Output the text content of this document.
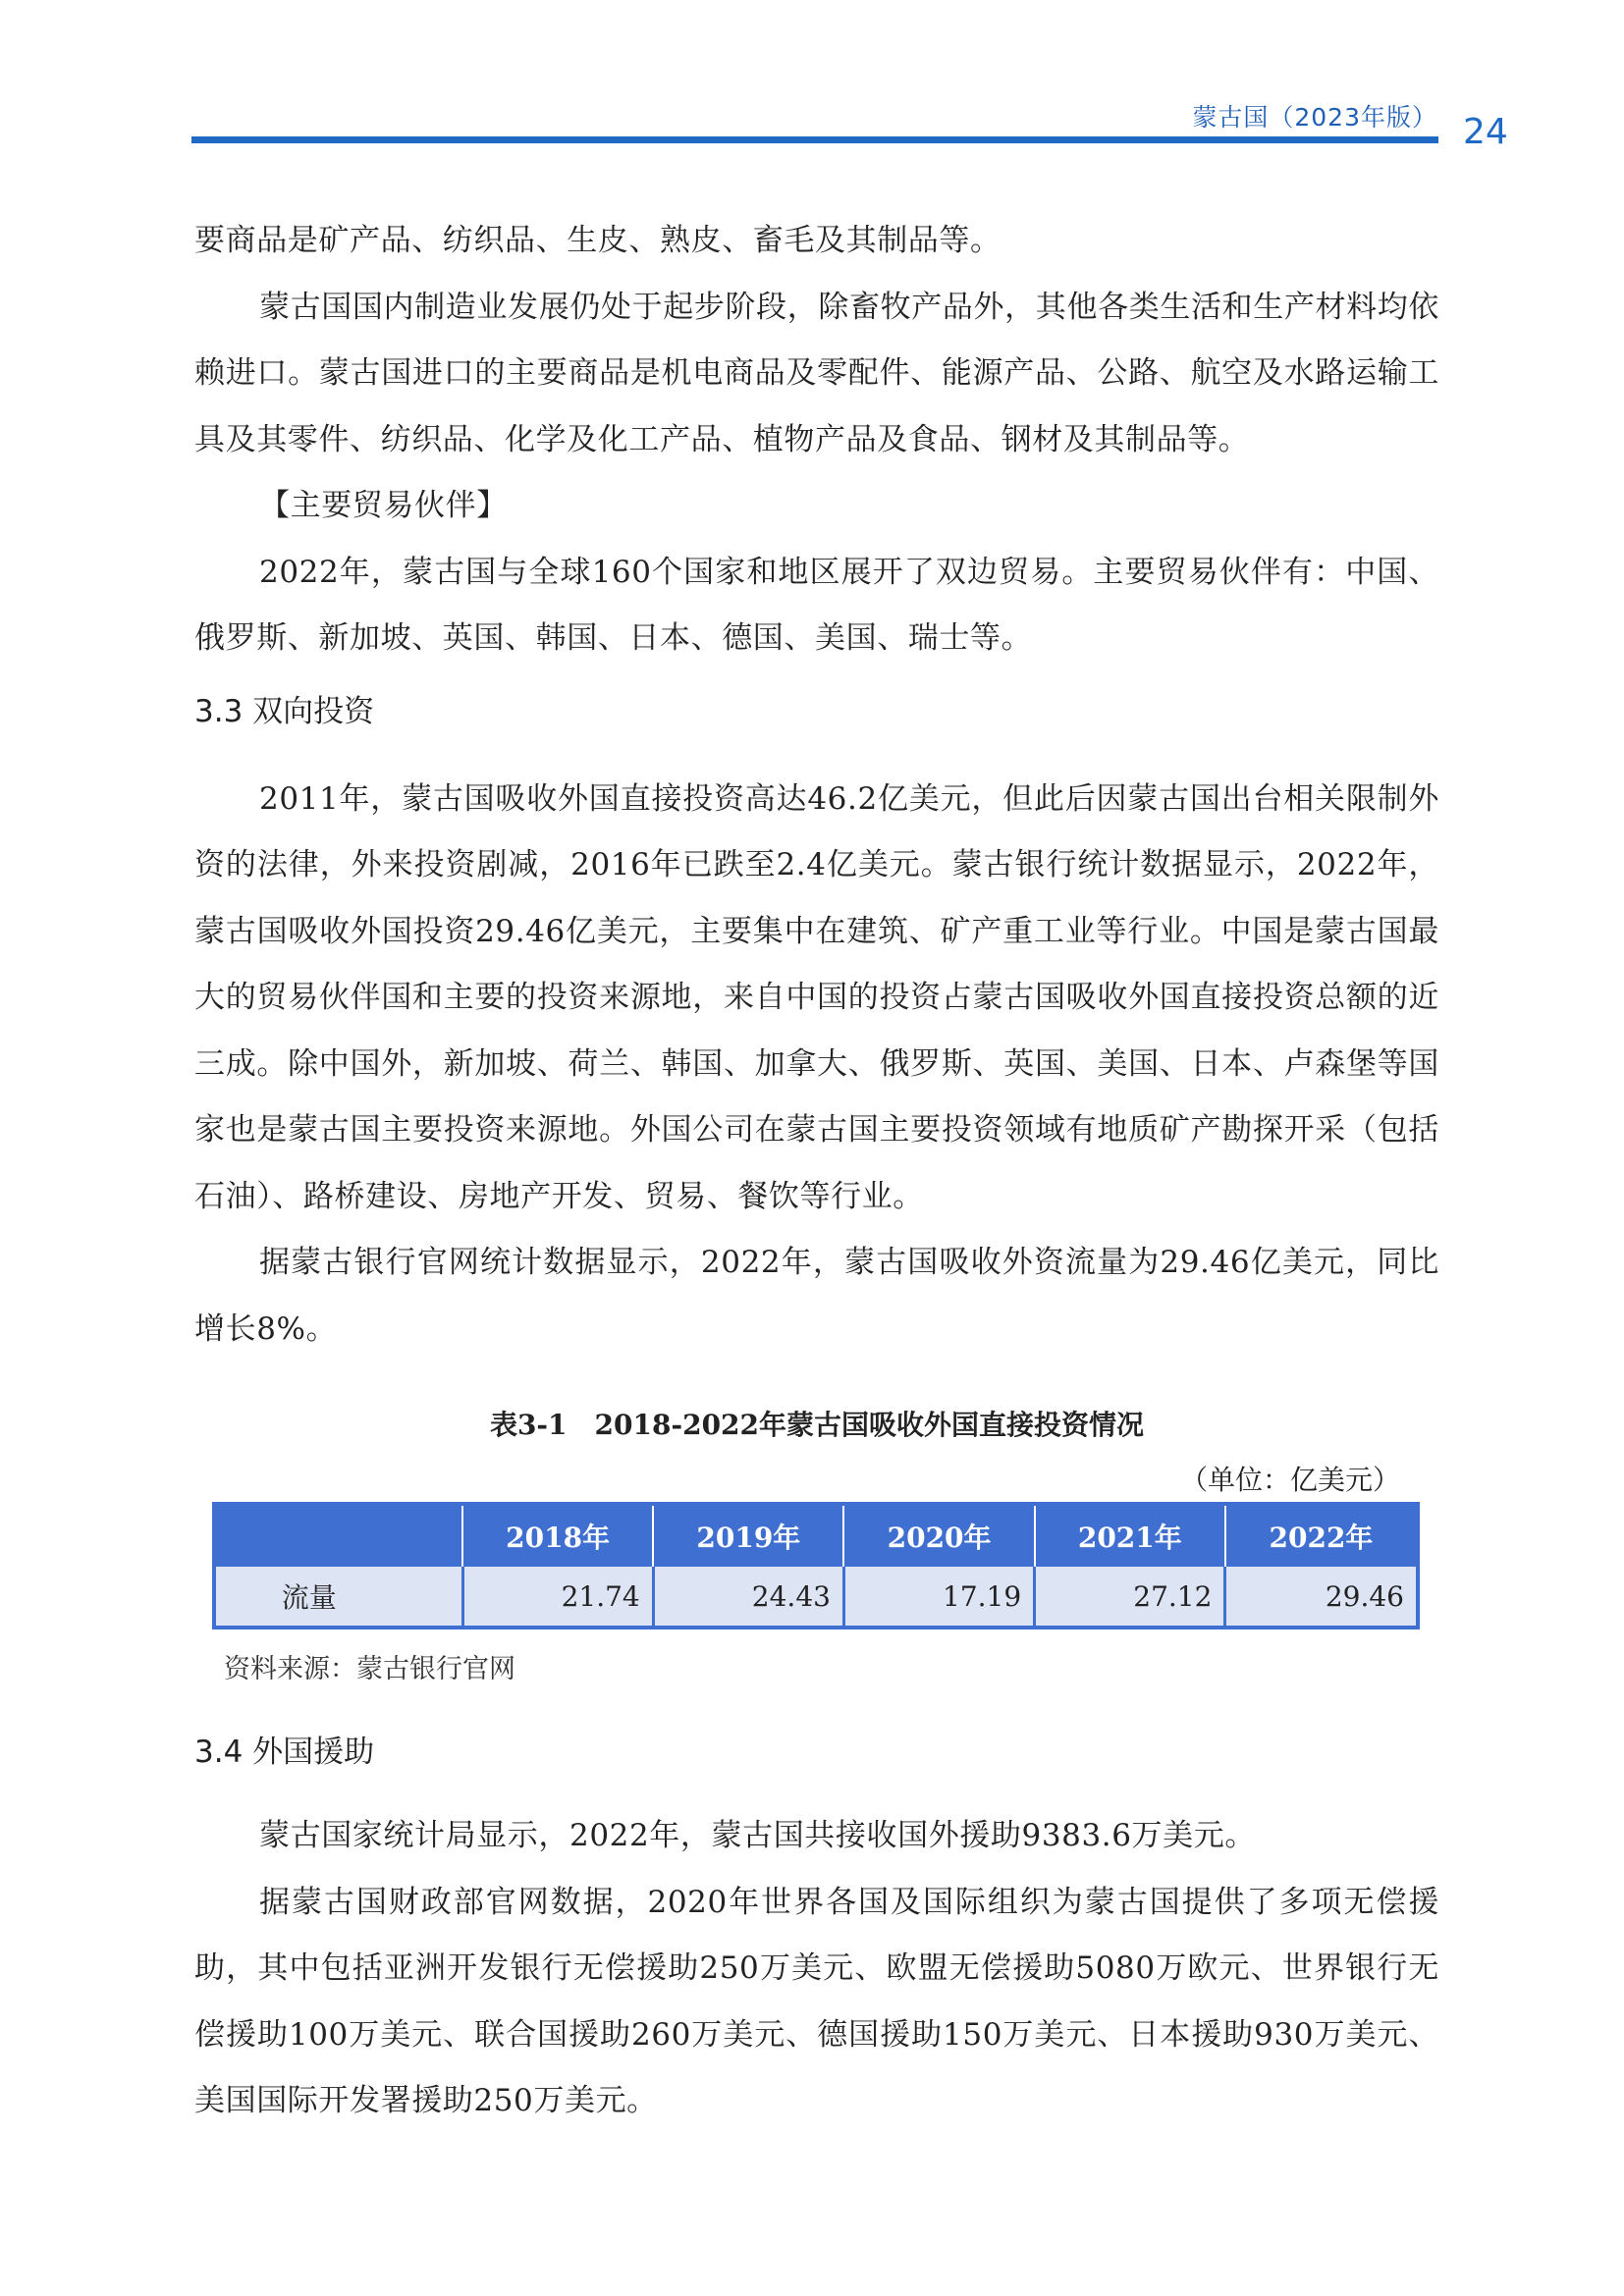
蒙古国（2023年版） 24

要商品是矿产品、纺织品、生皮、熟皮、畜毛及其制品等。

蒙古国国内制造业发展仍处于起步阶段，除畜牧产品外，其他各类生活和生产材料均依赖进口。蒙古国进口的主要商品是机电商品及零配件、能源产品、公路、航空及水路运输工具及其零件、纺织品、化学及化工产品、植物产品及食品、钢材及其制品等。

【主要贸易伙伴】

2022年，蒙古国与全球160个国家和地区展开了双边贸易。主要贸易伙伴有：中国、俄罗斯、新加坡、英国、韩国、日本、德国、美国、瑞士等。

3.3 双向投资

2011年，蒙古国吸收外国直接投资高达46.2亿美元，但此后因蒙古国出台相关限制外资的法律，外来投资剧减，2016年已跌至2.4亿美元。蒙古银行统计数据显示，2022年，蒙古国吸收外国投资29.46亿美元，主要集中在建筑、矿产重工业等行业。中国是蒙古国最大的贸易伙伴国和主要的投资来源地，来自中国的投资占蒙古国吸收外国直接投资总额的近三成。除中国外，新加坡、荷兰、韩国、加拿大、俄罗斯、英国、美国、日本、卢森堡等国家也是蒙古国主要投资来源地。外国公司在蒙古国主要投资领域有地质矿产勘探开采（包括石油）、路桥建设、房地产开发、贸易、餐饮等行业。

据蒙古银行官网统计数据显示，2022年，蒙古国吸收外资流量为29.46亿美元，同比增长8%。

表3-1　2018-2022年蒙古国吸收外国直接投资情况

（单位：亿美元）

	2018年	2019年	2020年	2021年	2022年
流量	21.74	24.43	17.19	27.12	29.46

资料来源：蒙古银行官网

3.4 外国援助

蒙古国家统计局显示，2022年，蒙古国共接收国外援助9383.6万美元。

据蒙古国财政部官网数据，2020年世界各国及国际组织为蒙古国提供了多项无偿援助，其中包括亚洲开发银行无偿援助250万美元、欧盟无偿援助5080万欧元、世界银行无偿援助100万美元、联合国援助260万美元、德国援助150万美元、日本援助930万美元、美国国际开发署援助250万美元。
